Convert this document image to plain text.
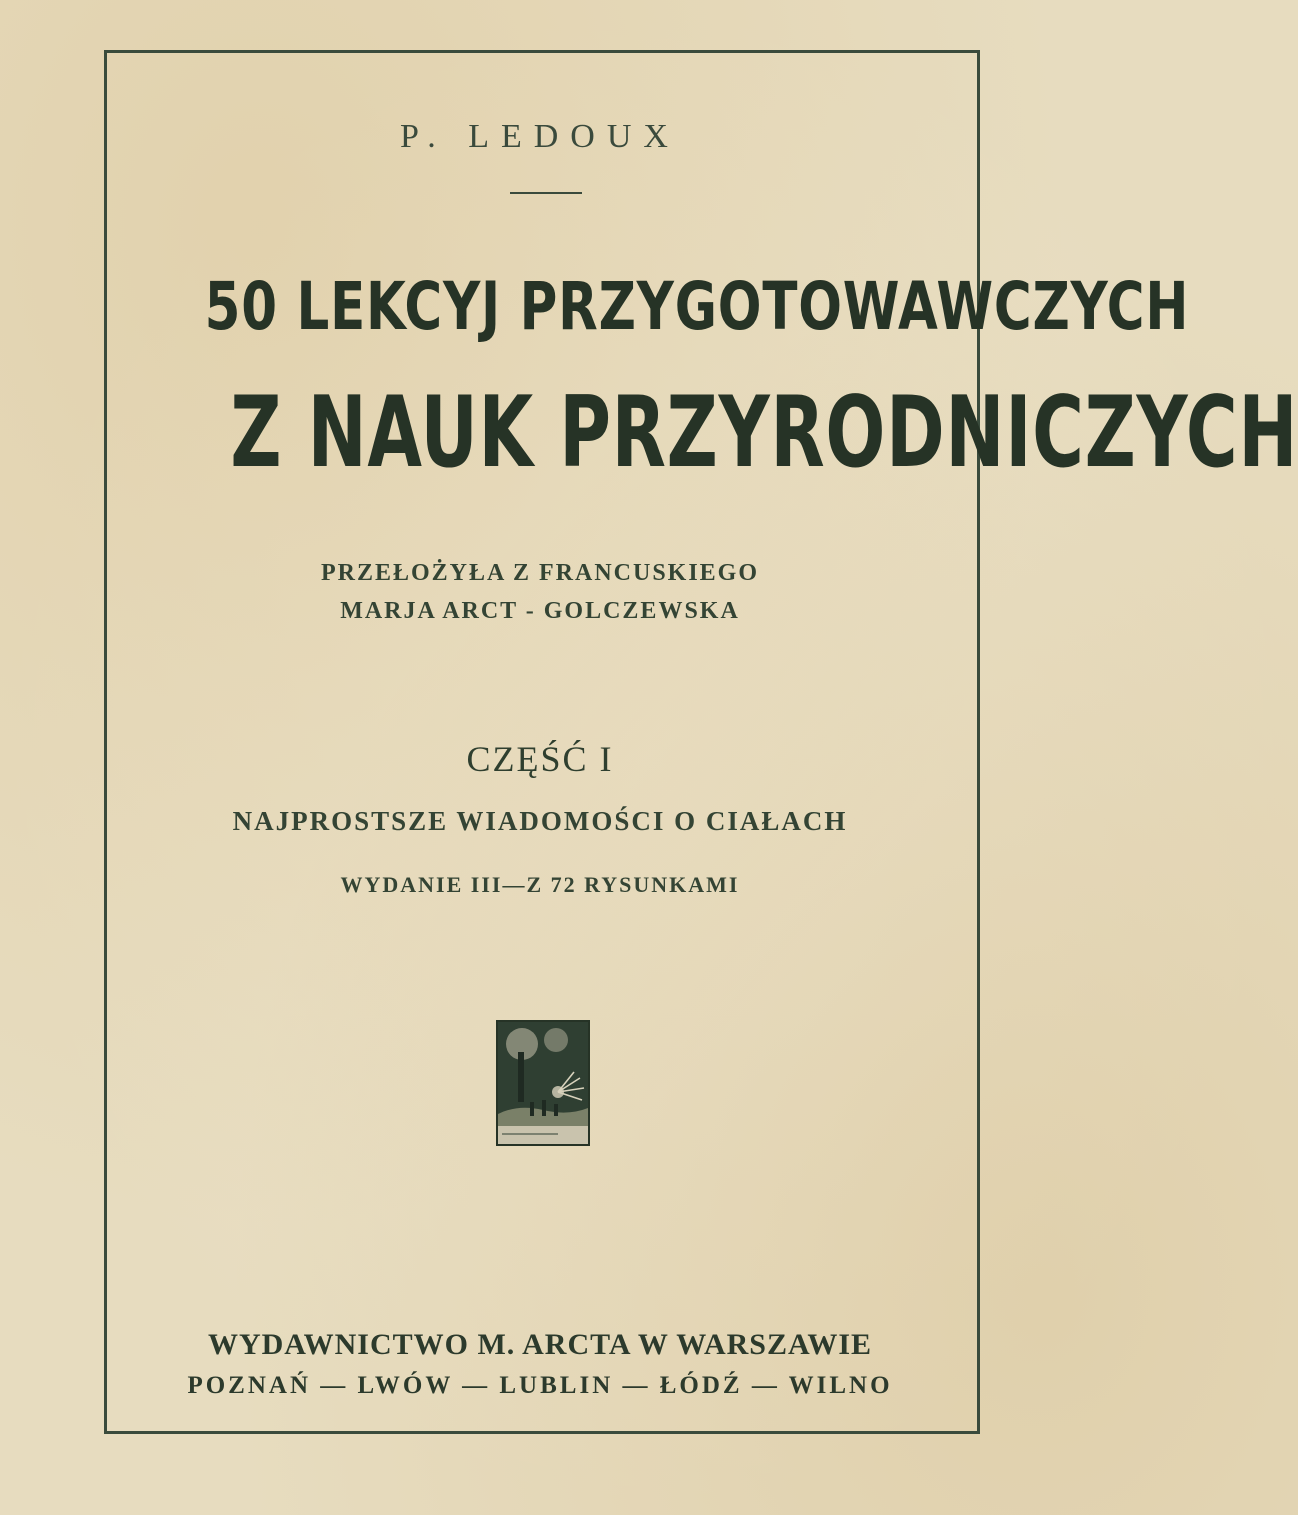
P. LEDOUX
50 LEKCYJ PRZYGOTOWAWCZYCH
Z NAUK PRZYRODNICZYCH
PRZEŁOŻYŁA Z FRANCUSKIEGO
MARJA ARCT - GOLCZEWSKA
CZĘŚĆ I
NAJPROSTSZE WIADOMOŚCI O CIAŁACH
WYDANIE III—Z 72 RYSUNKAMI
WYDAWNICTWO M. ARCTA W WARSZAWIE
POZNAŃ — LWÓW — LUBLIN — ŁÓDŹ — WILNO
